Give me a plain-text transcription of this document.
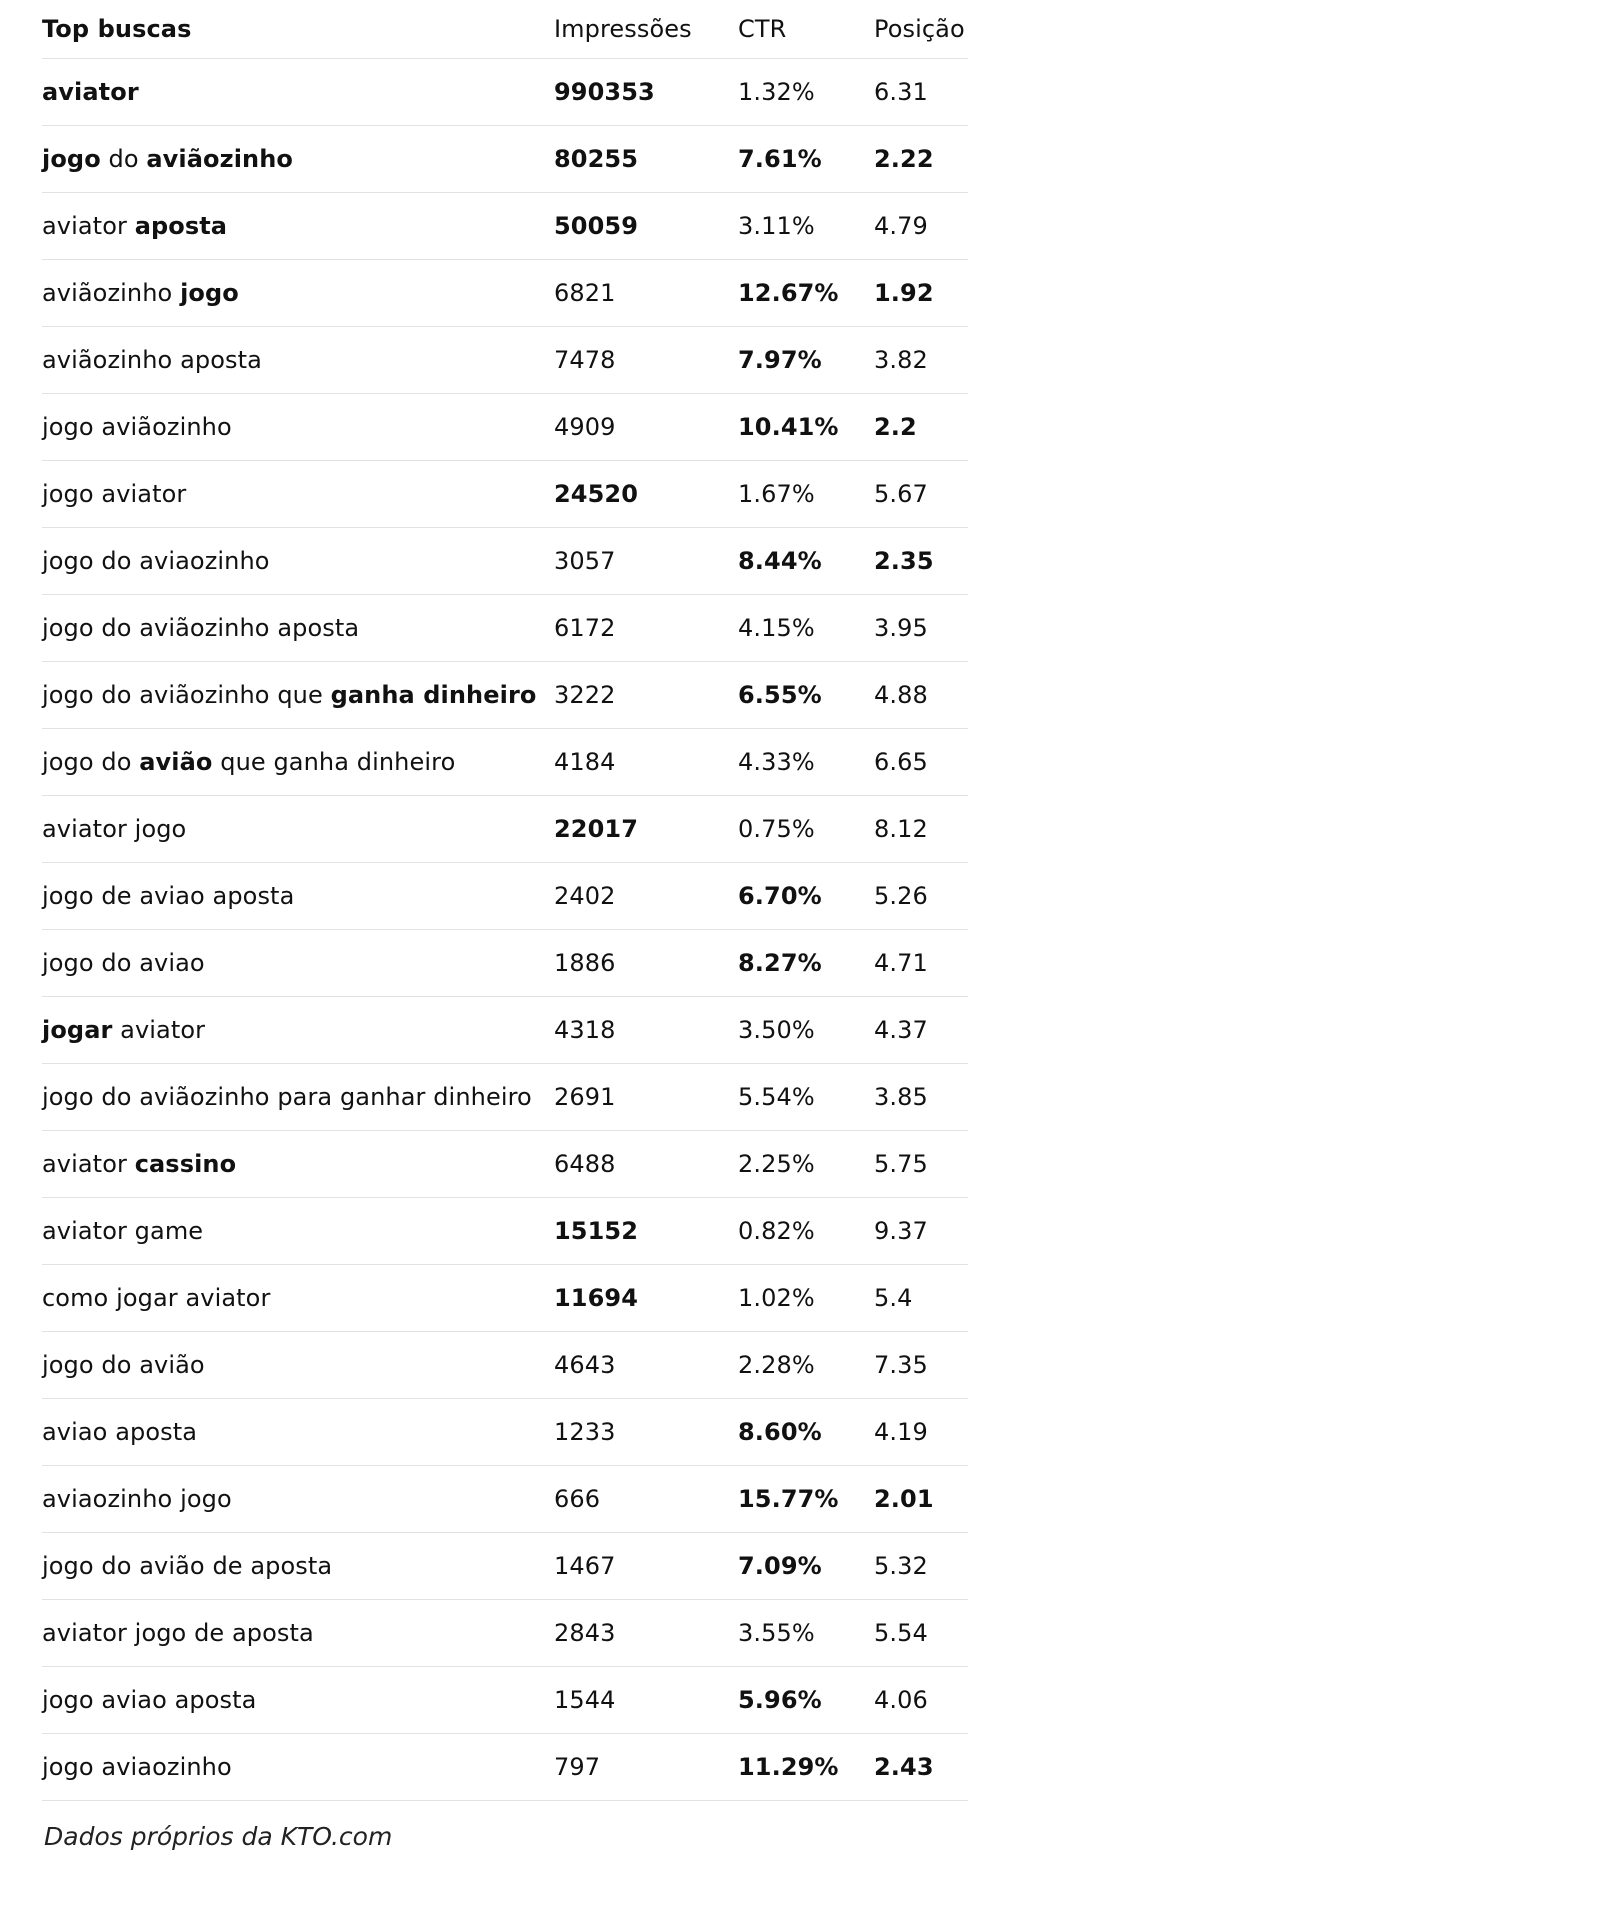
Top buscas	Impressões	CTR	Posição
aviator	990353	1.32%	6.31
jogo do aviãozinho	80255	7.61%	2.22
aviator aposta	50059	3.11%	4.79
aviãozinho jogo	6821	12.67%	1.92
aviãozinho aposta	7478	7.97%	3.82
jogo aviãozinho	4909	10.41%	2.2
jogo aviator	24520	1.67%	5.67
jogo do aviaozinho	3057	8.44%	2.35
jogo do aviãozinho aposta	6172	4.15%	3.95
jogo do aviãozinho que ganha dinheiro	3222	6.55%	4.88
jogo do avião que ganha dinheiro	4184	4.33%	6.65
aviator jogo	22017	0.75%	8.12
jogo de aviao aposta	2402	6.70%	5.26
jogo do aviao	1886	8.27%	4.71
jogar aviator	4318	3.50%	4.37
jogo do aviãozinho para ganhar dinheiro	2691	5.54%	3.85
aviator cassino	6488	2.25%	5.75
aviator game	15152	0.82%	9.37
como jogar aviator	11694	1.02%	5.4
jogo do avião	4643	2.28%	7.35
aviao aposta	1233	8.60%	4.19
aviaozinho jogo	666	15.77%	2.01
jogo do avião de aposta	1467	7.09%	5.32
aviator jogo de aposta	2843	3.55%	5.54
jogo aviao aposta	1544	5.96%	4.06
jogo aviaozinho	797	11.29%	2.43
Dados próprios da KTO.com
